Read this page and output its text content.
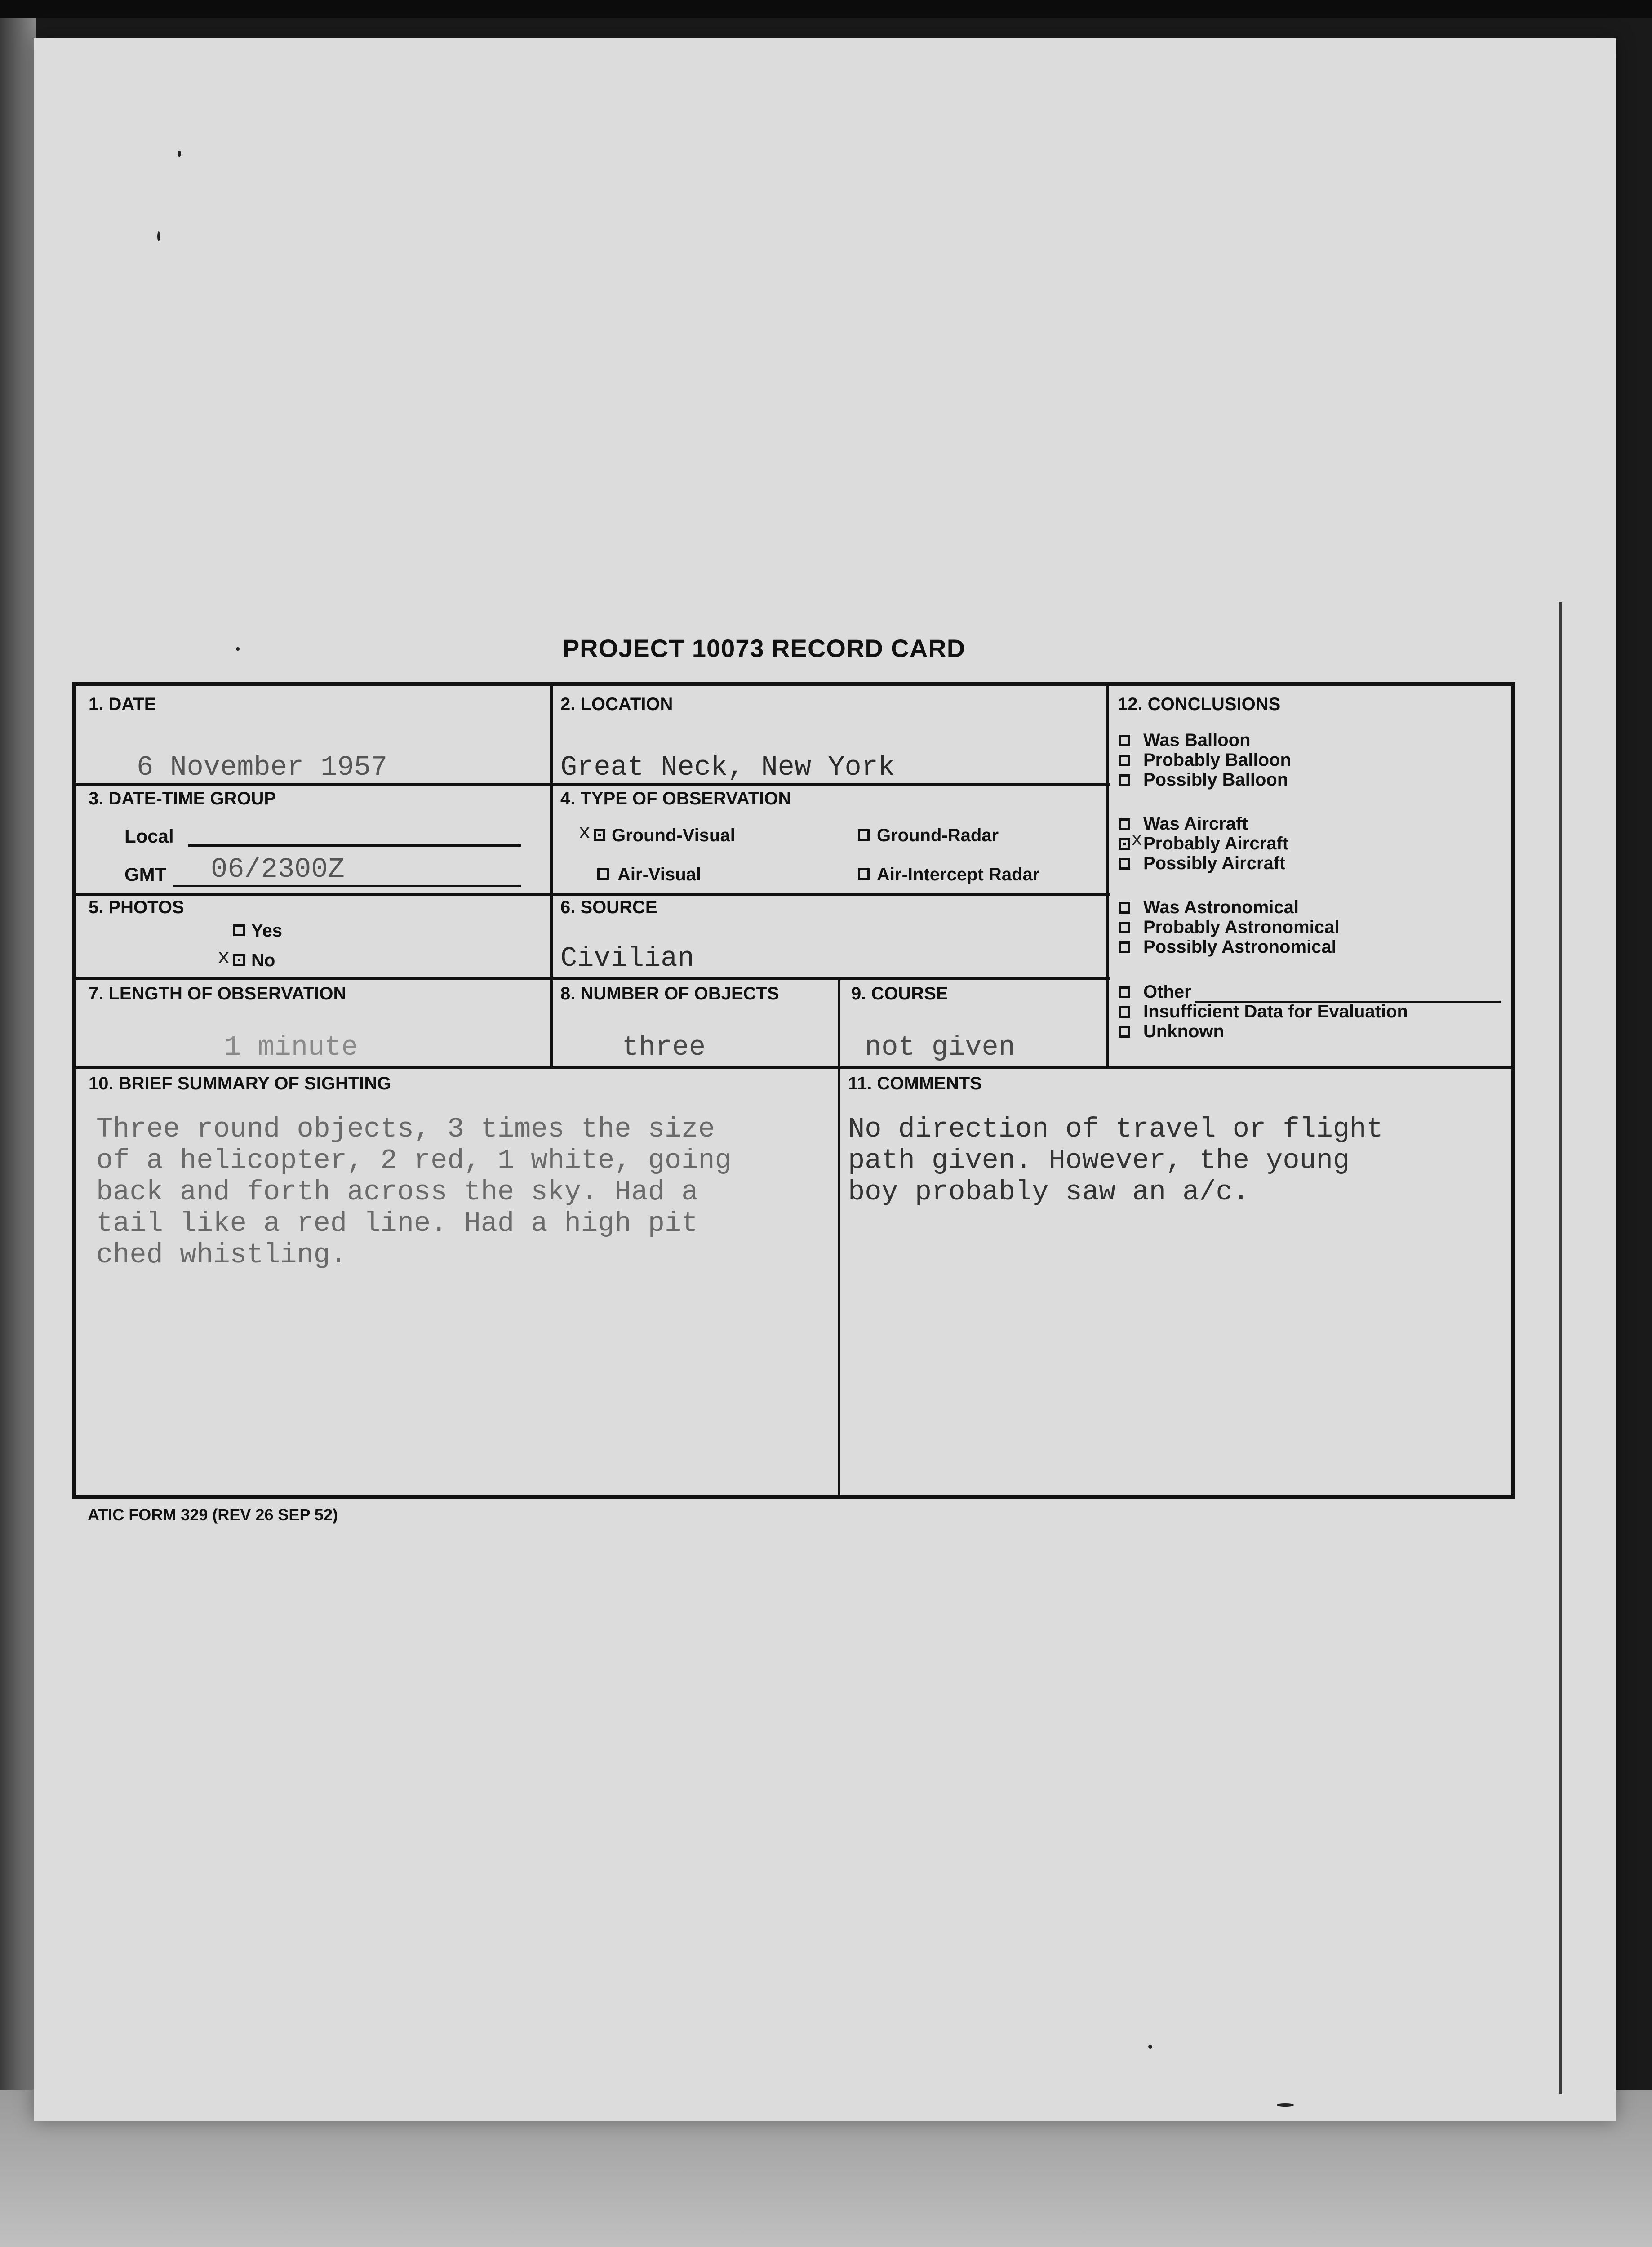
PROJECT 10073 RECORD CARD
1. DATE
6 November 1957
2. LOCATION
Great Neck, New York
3. DATE-TIME GROUP
Local
GMT 06/2300Z
4. TYPE OF OBSERVATION
x Ground-Visual	Ground-Radar
Air-Visual	Air-Intercept Radar
5. PHOTOS
Yes
x No
6. SOURCE
Civilian
7. LENGTH OF OBSERVATION
1 minute
8. NUMBER OF OBJECTS
three
9. COURSE
not given
12. CONCLUSIONS
Was Balloon
Probably Balloon
Possibly Balloon
Was Aircraft
x Probably Aircraft
Possibly Aircraft
Was Astronomical
Probably Astronomical
Possibly Astronomical
Other
Insufficient Data for Evaluation
Unknown
10. BRIEF SUMMARY OF SIGHTING
Three round objects, 3 times the size
of a helicopter, 2 red, 1 white, going
back and forth across the sky. Had a
tail like a red line. Had a high pit
ched whistling.
11. COMMENTS
No direction of travel or flight
path given. However, the young
boy probably saw an a/c.
ATIC FORM 329 (REV 26 SEP 52)
